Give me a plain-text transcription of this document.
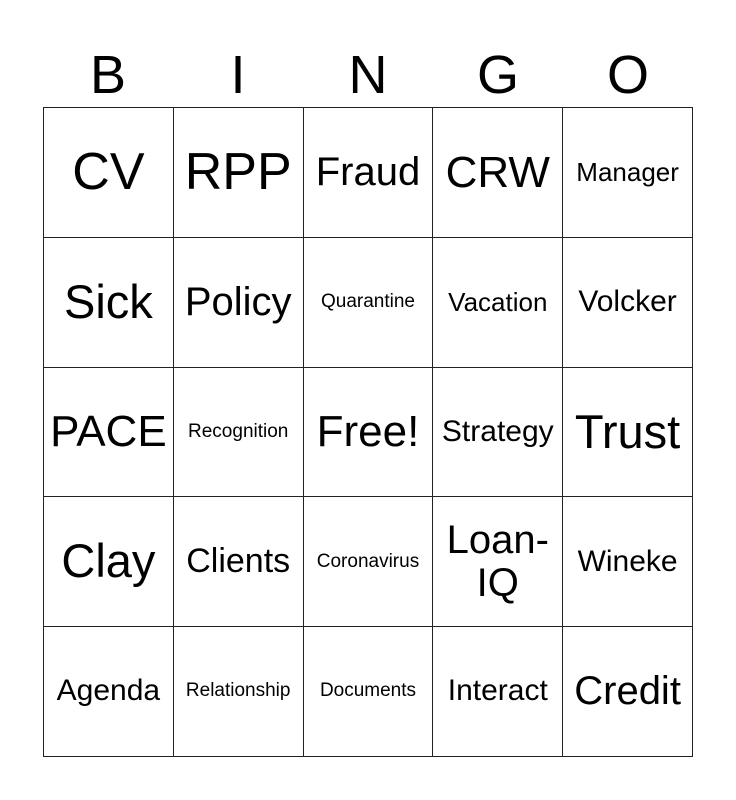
B	I	N	G	O
CV RPP Fraud CRW Manager
Sick Policy Quarantine Vacation Volcker
PACE Recognition Free! Strategy Trust
Clay Clients Coronavirus Loan-IQ	Wineke
Agenda Relationship Documents Interact Credit
